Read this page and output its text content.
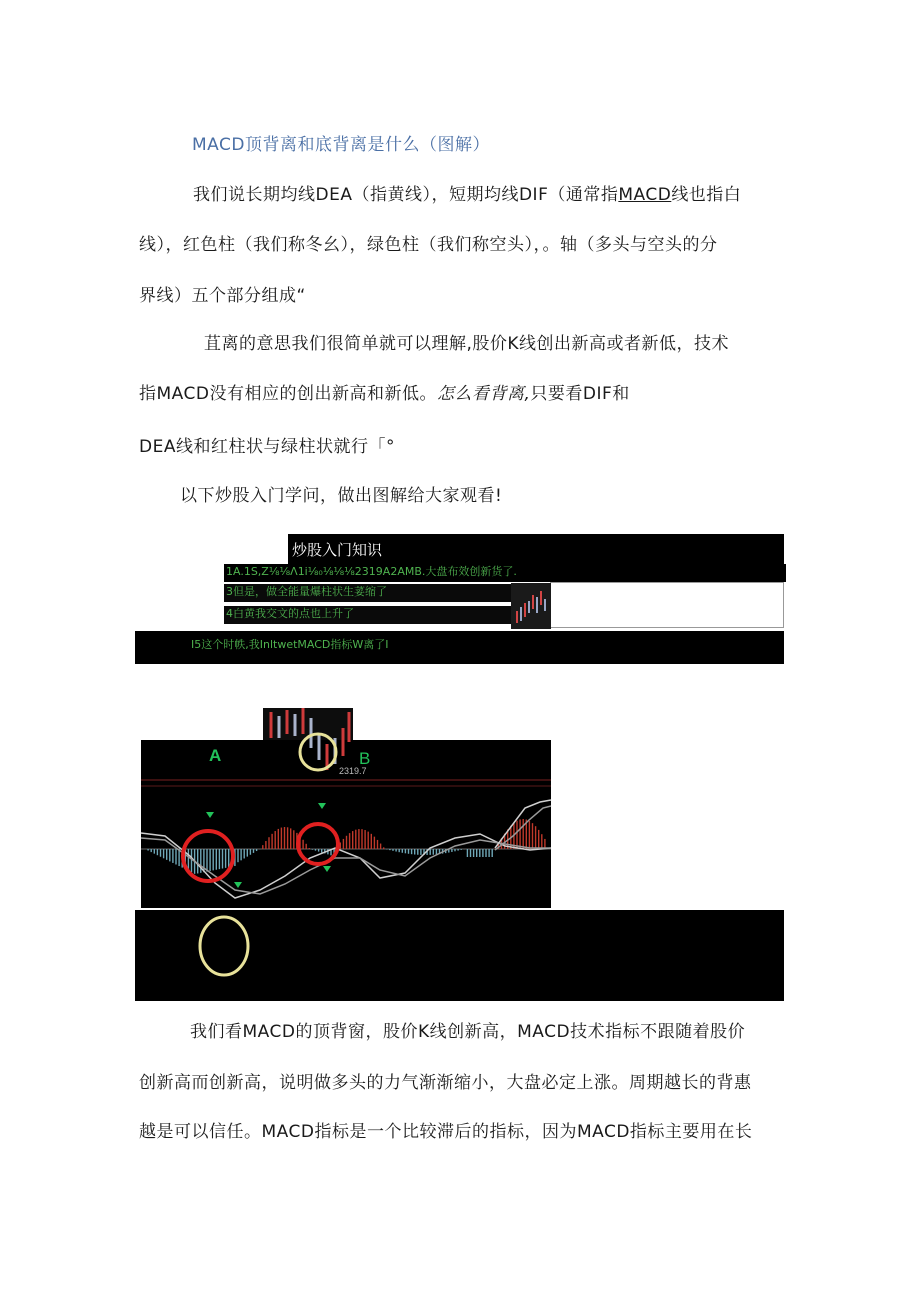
MACD顶背离和底背离是什么（图解）
我们说长期均线DEA（指黄线），短期均线DIF（通常指MACD线也指白
线），红色柱（我们称冬幺），绿色柱（我们称空头），。轴（多头与空头的分
界线）五个部分组成“
苴离的意思我们很简单就可以理解,股价K线创出新高或者新低，技术
指MACD没有相应的创出新高和新低。怎么看背离,只要看DIF和
DEA线和红柱状与绿柱状就行「°
以下炒股入门学问，做出图解给大家观看!
炒股入门知识
1A.1S,Z⅛⅛Λ1i⅛₀⅛⅛⅛2319A2AMB.大盘布效创新货了.
3但是，做全能量爆柱状生荽缩了
4白黄我交文的点也上升了
I5这个时帙,我InltwetMACD指标W离了I
2319.7
A	B
我们看MACD的顶背窗，股价K线创新高，MACD技术指标不跟随着股价
创新高而创新高，说明做多头的力气渐渐缩小，大盘必定上涨。周期越长的背惠
越是可以信任。MACD指标是一个比较滞后的指标，因为MACD指标主要用在长
